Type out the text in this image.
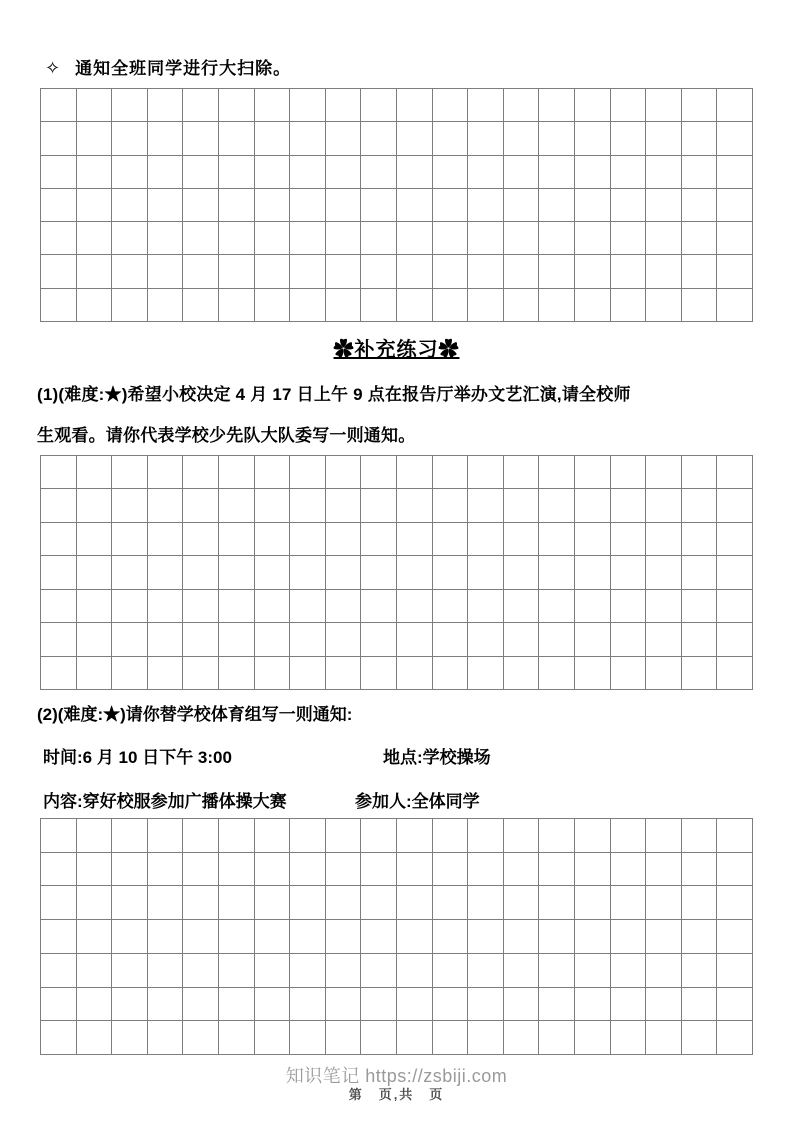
✧ 通知全班同学进行大扫除。

✿补充练习✿
(1)(难度:★)希望小校决定 4 月 17 日上午 9 点在报告厅举办文艺汇演,请全校师
生观看。请你代表学校少先队大队委写一则通知。

(2)(难度:★)请你替学校体育组写一则通知:
时间:6 月 10 日下午 3:00	地点:学校操场
内容:穿好校服参加广播体操大赛	参加人:全体同学

知识笔记 https://zsbiji.com
第　页,共　页
